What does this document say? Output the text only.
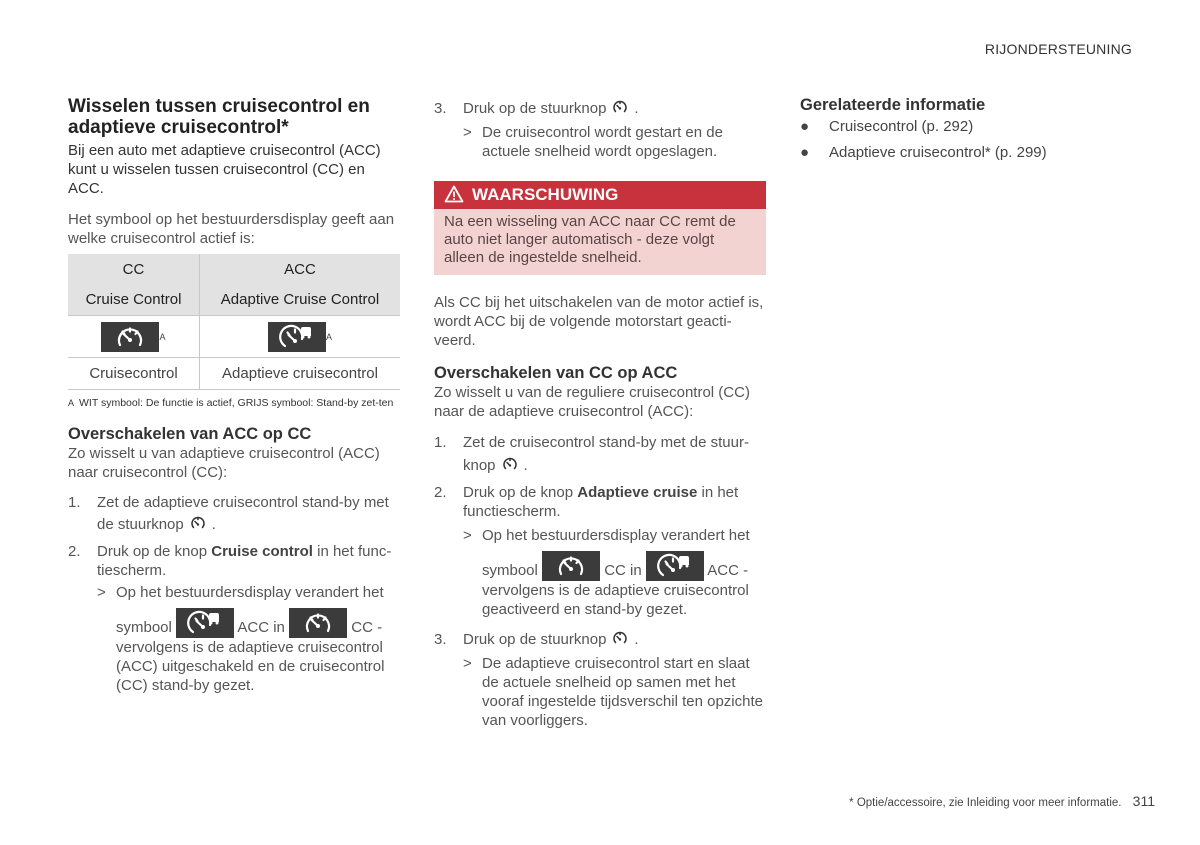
RIJONDERSTEUNING
Wisselen tussen cruisecontrol en adaptieve cruisecontrol*
Bij een auto met adaptieve cruisecontrol (ACC) kunt u wisselen tussen cruisecontrol (CC) en ACC.
Het symbool op het bestuurdersdisplay geeft aan welke cruisecontrol actief is:
CC	ACC
Cruise Control	Adaptive Cruise Control

$^A$	$^A$
Cruisecontrol	Adaptieve cruisecontrol
A WIT symbool: De functie is actief, GRIJS symbool: Stand-by zet-ten
Overschakelen van ACC op CC
Zo wisselt u van adaptieve cruisecontrol (ACC) naar cruisecontrol (CC):
1. Zet de adaptieve cruisecontrol stand-by met de stuurknop .
2. Druk op de knop Cruise control in het func-tiescherm.
> Op het bestuurdersdisplay verandert het
symbool	ACC in	CC -
vervolgens is de adaptieve cruisecontrol (ACC) uitgeschakeld en de cruisecontrol (CC) stand-by gezet.
3. Druk op de stuurknop .
> De cruisecontrol wordt gestart en de actuele snelheid wordt opgeslagen.
WAARSCHUWING
Na een wisseling van ACC naar CC remt de auto niet langer automatisch - deze volgt alleen de ingestelde snelheid.
Als CC bij het uitschakelen van de motor actief is, wordt ACC bij de volgende motorstart geacti-veerd.
Overschakelen van CC op ACC
Zo wisselt u van de reguliere cruisecontrol (CC) naar de adaptieve cruisecontrol (ACC):
1. Zet de cruisecontrol stand-by met de stuur-
knop .
2. Druk op de knop Adaptieve cruise in het functiescherm.
> Op het bestuurdersdisplay verandert het
symbool	CC in	ACC -
vervolgens is de adaptieve cruisecontrol geactiveerd en stand-by gezet.
3. Druk op de stuurknop .
> De adaptieve cruisecontrol start en slaat de actuele snelheid op samen met het vooraf ingestelde tijdsverschil ten opzichte van voorliggers.
Gerelateerde informatie
● Cruisecontrol (p. 292)
● Adaptieve cruisecontrol* (p. 299)
* Optie/accessoire, zie Inleiding voor meer informatie. 311
